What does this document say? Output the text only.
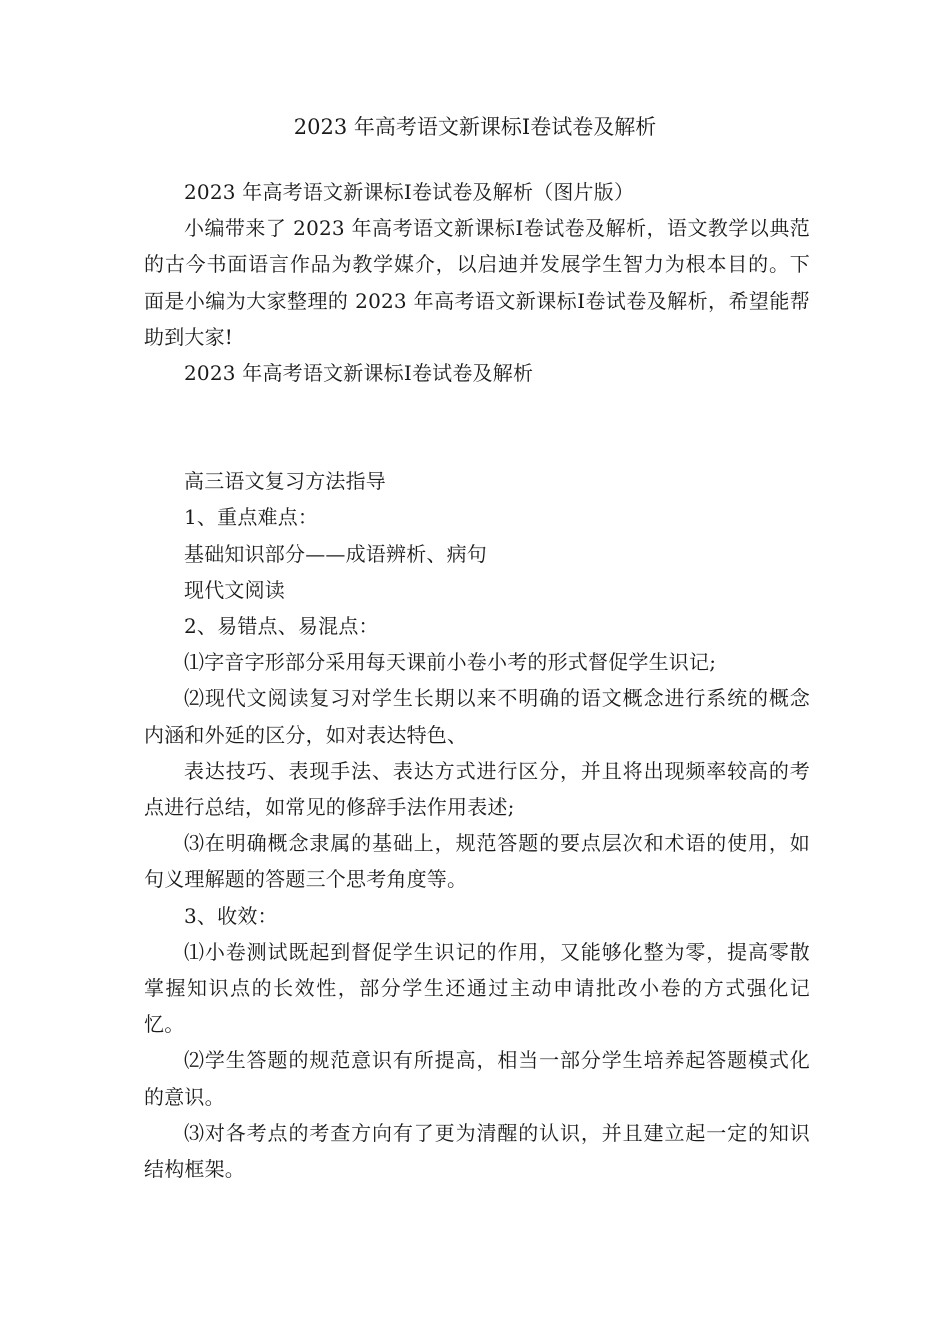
2023 年高考语文新课标Ⅰ卷试卷及解析

2023 年高考语文新课标Ⅰ卷试卷及解析（图片版）

小编带来了 2023 年高考语文新课标Ⅰ卷试卷及解析，语文教学以典范的古今书面语言作品为教学媒介，以启迪并发展学生智力为根本目的。下面是小编为大家整理的 2023 年高考语文新课标Ⅰ卷试卷及解析，希望能帮助到大家!

2023 年高考语文新课标Ⅰ卷试卷及解析

高三语文复习方法指导

1、重点难点：

基础知识部分——成语辨析、病句

现代文阅读

2、易错点、易混点：

⑴字音字形部分采用每天课前小卷小考的形式督促学生识记;

⑵现代文阅读复习对学生长期以来不明确的语文概念进行系统的概念内涵和外延的区分，如对表达特色、

表达技巧、表现手法、表达方式进行区分，并且将出现频率较高的考点进行总结，如常见的修辞手法作用表述;

⑶在明确概念隶属的基础上，规范答题的要点层次和术语的使用，如句义理解题的答题三个思考角度等。

3、收效：

⑴小卷测试既起到督促学生识记的作用，又能够化整为零，提高零散掌握知识点的长效性，部分学生还通过主动申请批改小卷的方式强化记忆。

⑵学生答题的规范意识有所提高，相当一部分学生培养起答题模式化的意识。

⑶对各考点的考查方向有了更为清醒的认识，并且建立起一定的知识结构框架。
